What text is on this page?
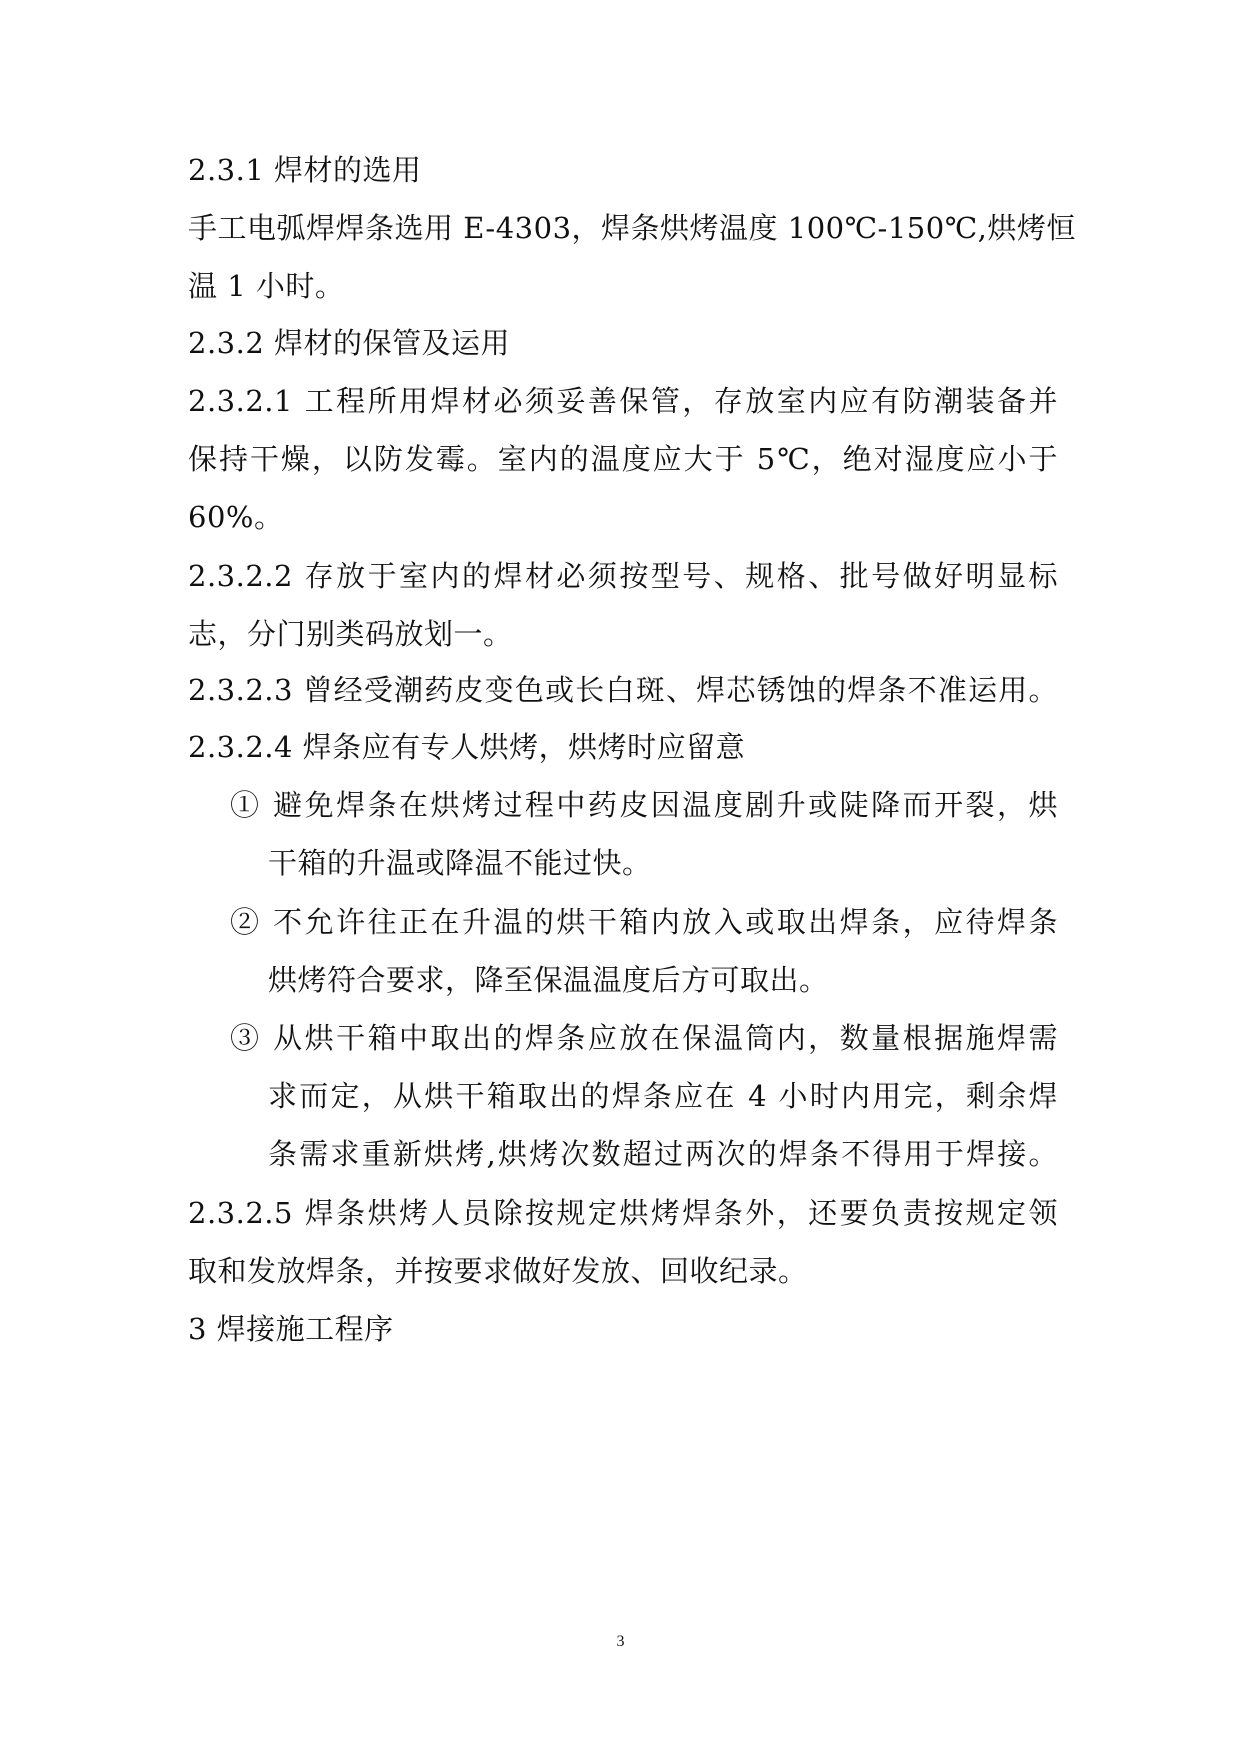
2.3.1 焊材的选用
手工电弧焊焊条选用 E-4303，焊条烘烤温度 100℃-150℃,烘烤恒
温 1 小时。
2.3.2 焊材的保管及运用
2.3.2.1 工程所用焊材必须妥善保管，存放室内应有防潮装备并
保持干燥，以防发霉。室内的温度应大于 5℃，绝对湿度应小于
60%。
2.3.2.2 存放于室内的焊材必须按型号、规格、批号做好明显标
志，分门别类码放划一。
2.3.2.3 曾经受潮药皮变色或长白斑、焊芯锈蚀的焊条不准运用。
2.3.2.4 焊条应有专人烘烤，烘烤时应留意
① 避免焊条在烘烤过程中药皮因温度剧升或陡降而开裂，烘
干箱的升温或降温不能过快。
② 不允许往正在升温的烘干箱内放入或取出焊条，应待焊条
烘烤符合要求，降至保温温度后方可取出。
③ 从烘干箱中取出的焊条应放在保温筒内，数量根据施焊需
求而定，从烘干箱取出的焊条应在 4 小时内用完，剩余焊
条需求重新烘烤,烘烤次数超过两次的焊条不得用于焊接。
2.3.2.5 焊条烘烤人员除按规定烘烤焊条外，还要负责按规定领
取和发放焊条，并按要求做好发放、回收纪录。
3 焊接施工程序
3
